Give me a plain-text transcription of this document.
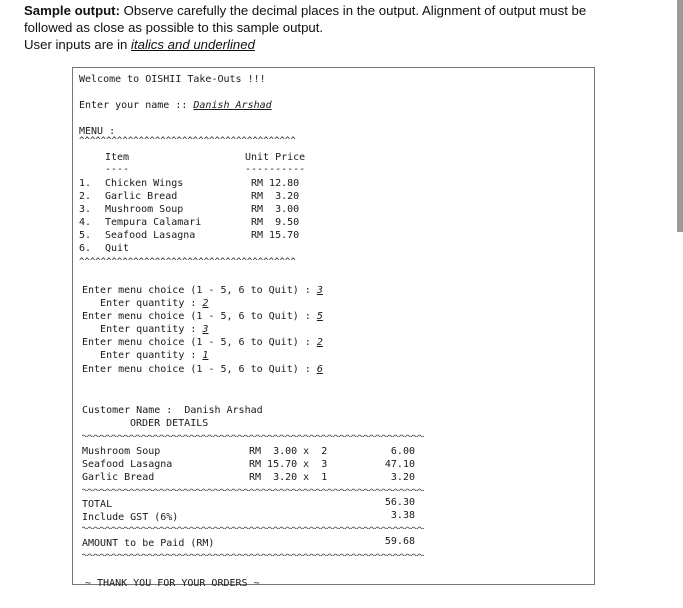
Sample output: Observe carefully the decimal places in the output. Alignment of output must be

followed as close as possible to this sample output.

User inputs are in italics and underlined

Welcome to OISHII Take-Outs !!!
Enter your name :: Danish Arshad
MENU :
^^^^^^^^^^^^^^^^^^^^^^^^^^^^^^^^^^^^^^^^
Item	Unit Price
----	----------
1. Chicken Wings	RM 12.80
2. Garlic Bread	RM  3.20
3. Mushroom Soup	RM  3.00
4. Tempura Calamari	RM  9.50
5. Seafood Lasagna	RM 15.70
6. Quit
^^^^^^^^^^^^^^^^^^^^^^^^^^^^^^^^^^^^^^^^
Enter menu choice (1 - 5, 6 to Quit) : 3
Enter quantity : 2
Enter menu choice (1 - 5, 6 to Quit) : 5
Enter quantity : 3
Enter menu choice (1 - 5, 6 to Quit) : 2
Enter quantity : 1
Enter menu choice (1 - 5, 6 to Quit) : 6
Customer Name :  Danish Arshad
ORDER DETAILS
Mushroom Soup	RM  3.00 x  2	6.00
Seafood Lasagna	RM 15.70 x  3	47.10
Garlic Bread	RM  3.20 x  1	3.20
TOTAL	56.30
Include GST (6%)	3.38
AMOUNT to be Paid (RM)	59.68
~ THANK YOU FOR YOUR ORDERS ~
